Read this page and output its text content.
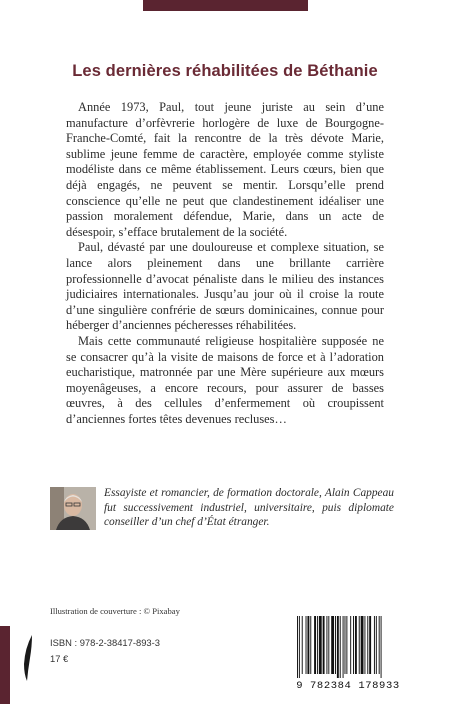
Les dernières réhabilitées de Béthanie

Année 1973, Paul, tout jeune juriste au sein d’une manufacture d’orfèvrerie horlogère de luxe de Bourgogne-Franche-Comté, fait la rencontre de la très dévote Marie, sublime jeune femme de caractère, employée comme styliste modéliste dans ce même établissement. Leurs cœurs, bien que déjà engagés, ne peuvent se mentir. Lorsqu’elle prend conscience qu’elle ne peut que clandestinement idéaliser une passion moralement défendue, Marie, dans un acte de désespoir, s’efface brutalement de la société.

Paul, dévasté par une douloureuse et complexe situation, se lance alors pleinement dans une brillante carrière professionnelle d’avocat pénaliste dans le milieu des instances judiciaires internationales. Jusqu’au jour où il croise la route d’une singulière confrérie de sœurs dominicaines, connue pour héberger d’anciennes pécheresses réhabilitées.

Mais cette communauté religieuse hospitalière supposée ne se consacrer qu’à la visite de maisons de force et à l’adoration eucharistique, matronnée par une Mère supérieure aux mœurs moyenâgeuses, a encore recours, pour assurer de basses œuvres, à des cellules d’enfermement où croupissent d’anciennes fortes têtes devenues recluses…

Essayiste et romancier, de formation doctorale, Alain Cappeau fut successivement industriel, universitaire, puis diplomate conseiller d’un chef d’État étranger.
Illustration de couverture : © Pixabay
ISBN : 978-2-38417-893-3
17 €
9 782384 178933
